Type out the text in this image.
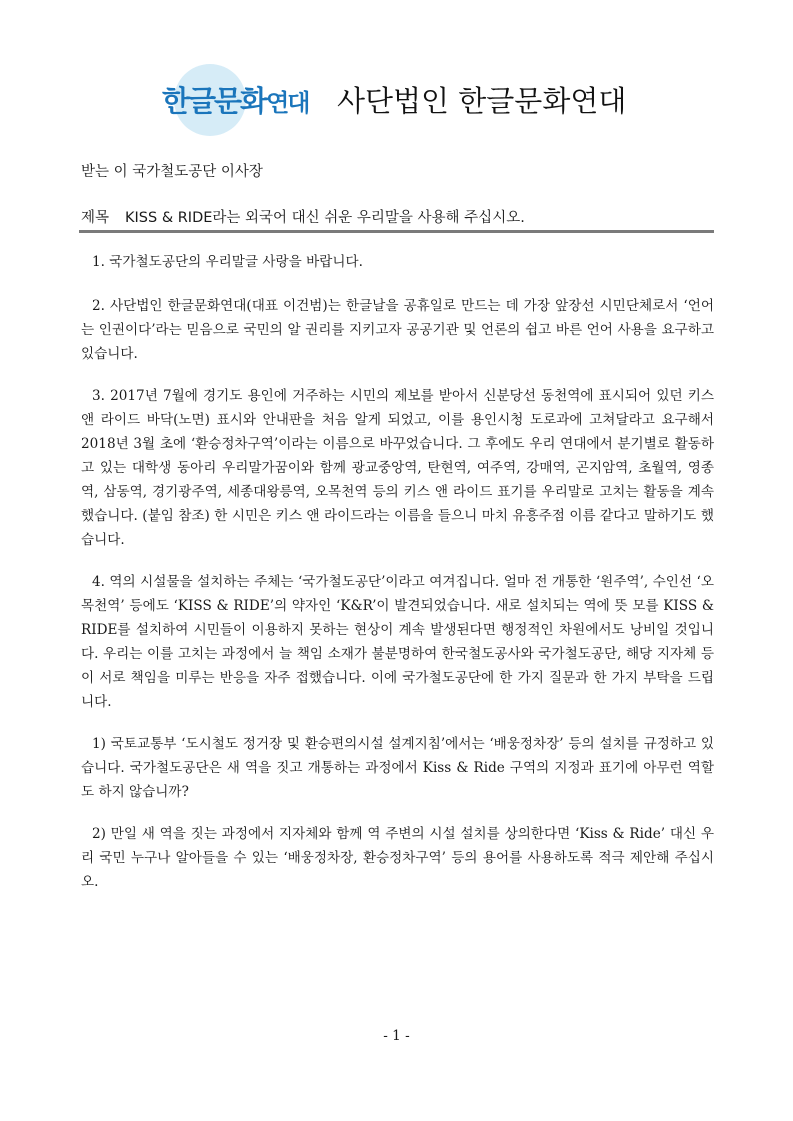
한글문화연대 사단법인 한글문화연대
받는 이 국가철도공단 이사장
제목 KISS & RIDE라는 외국어 대신 쉬운 우리말을 사용해 주십시오.

1. 국가철도공단의 우리말글 사랑을 바랍니다.

2. 사단법인 한글문화연대(대표 이건범)는 한글날을 공휴일로 만드는 데 가장 앞장선 시민단체로서 ‘언어는 인권이다’라는 믿음으로 국민의 알 권리를 지키고자 공공기관 및 언론의 쉽고 바른 언어 사용을 요구하고 있습니다.

3. 2017년 7월에 경기도 용인에 거주하는 시민의 제보를 받아서 신분당선 동천역에 표시되어 있던 키스 앤 라이드 바닥(노면) 표시와 안내판을 처음 알게 되었고, 이를 용인시청 도로과에 고쳐달라고 요구해서 2018년 3월 초에 ‘환승정차구역’이라는 이름으로 바꾸었습니다. 그 후에도 우리 연대에서 분기별로 활동하고 있는 대학생 동아리 우리말가꿈이와 함께 광교중앙역, 탄현역, 여주역, 강매역, 곤지암역, 초월역, 영종역, 삼동역, 경기광주역, 세종대왕릉역, 오목천역 등의 키스 앤 라이드 표기를 우리말로 고치는 활동을 계속했습니다. (붙임 참조) 한 시민은 키스 앤 라이드라는 이름을 들으니 마치 유흥주점 이름 같다고 말하기도 했습니다.

4. 역의 시설물을 설치하는 주체는 ‘국가철도공단’이라고 여겨집니다. 얼마 전 개통한 ‘원주역’, 수인선 ‘오목천역’ 등에도 ‘KISS & RIDE’의 약자인 ‘K&R’이 발견되었습니다. 새로 설치되는 역에 뜻 모를 KISS & RIDE를 설치하여 시민들이 이용하지 못하는 현상이 계속 발생된다면 행정적인 차원에서도 낭비일 것입니다. 우리는 이를 고치는 과정에서 늘 책임 소재가 불분명하여 한국철도공사와 국가철도공단, 해당 지자체 등이 서로 책임을 미루는 반응을 자주 접했습니다. 이에 국가철도공단에 한 가지 질문과 한 가지 부탁을 드립니다.

1) 국토교통부 ‘도시철도 정거장 및 환승편의시설 설계지침’에서는 ‘배웅정차장’ 등의 설치를 규정하고 있습니다. 국가철도공단은 새 역을 짓고 개통하는 과정에서 Kiss & Ride 구역의 지정과 표기에 아무런 역할도 하지 않습니까?

2) 만일 새 역을 짓는 과정에서 지자체와 함께 역 주변의 시설 설치를 상의한다면 ‘Kiss & Ride’ 대신 우리 국민 누구나 알아들을 수 있는 ‘배웅정차장, 환승정차구역’ 등의 용어를 사용하도록 적극 제안해 주십시오.

- 1 -
